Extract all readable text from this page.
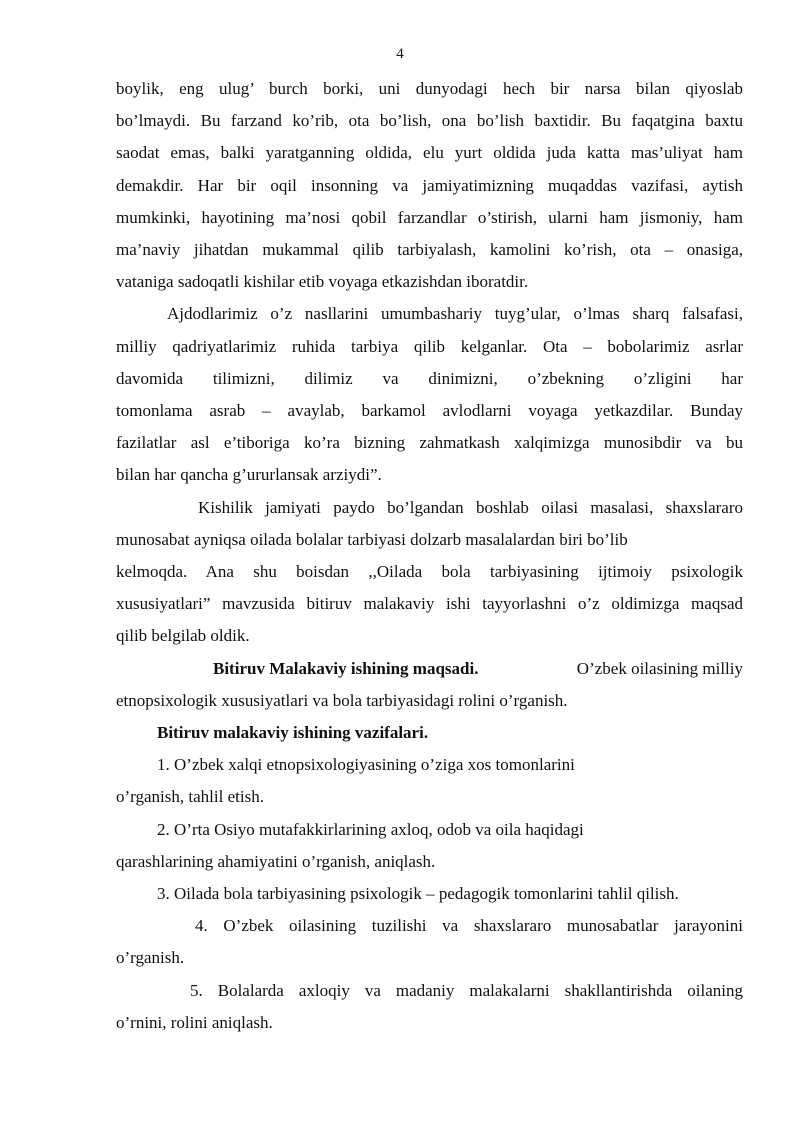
4
boylik, eng ulug’ burch borki, uni dunyodagi hech bir narsa bilan qiyoslab
bo’lmaydi. Bu farzand ko’rib, ota bo’lish, ona bo’lish baxtidir. Bu faqatgina baxtu
saodat emas, balki yaratganning oldida, elu yurt oldida juda katta mas’uliyat ham
demakdir. Har bir oqil insonning va jamiyatimizning muqaddas vazifasi, aytish
mumkinki, hayotining ma’nosi qobil farzandlar o’stirish, ularni ham jismoniy, ham
ma’naviy jihatdan mukammal qilib tarbiyalash, kamolini ko’rish, ota – onasiga,
vataniga sadoqatli kishilar etib voyaga etkazishdan iboratdir.
Ajdodlarimiz o’z nasllarini umumbashariy tuyg’ular, o’lmas sharq falsafasi,
milliy qadriyatlarimiz ruhida tarbiya qilib kelganlar. Ota – bobolarimiz asrlar
davomida tilimizni, dilimiz va dinimizni, o’zbekning o’zligini har
tomonlama asrab – avaylab, barkamol avlodlarni voyaga yetkazdilar. Bunday
fazilatlar asl e’tiboriga ko’ra bizning zahmatkash xalqimizga munosibdir va bu
bilan har qancha g’ururlansak arziydi”.
Kishilik jamiyati paydo bo’lgandan boshlab oilasi masalasi, shaxslararo
munosabat ayniqsa oilada bolalar tarbiyasi dolzarb masalalardan biri bo’lib
kelmoqda. Ana shu boisdan ,,Oilada bola tarbiyasining ijtimoiy psixologik
xususiyatlari” mavzusida bitiruv malakaviy ishi tayyorlashni o’z oldimizga maqsad
qilib belgilab oldik.
Bitiruv Malakaviy ishining maqsadi.	O’zbek oilasining milliy
etnopsixologik xususiyatlari va bola tarbiyasidagi rolini o’rganish.
Bitiruv malakaviy ishining vazifalari.
1. O’zbek xalqi etnopsixologiyasining o’ziga xos tomonlarini
o’rganish, tahlil etish.
2. O’rta Osiyo mutafakkirlarining axloq, odob va oila haqidagi
qarashlarining ahamiyatini o’rganish, aniqlash.
3. Oilada bola tarbiyasining psixologik – pedagogik tomonlarini tahlil qilish.
4. O’zbek oilasining tuzilishi va shaxslararo munosabatlar jarayonini
o’rganish.
5. Bolalarda axloqiy va madaniy malakalarni shakllantirishda oilaning
o’rnini, rolini aniqlash.
